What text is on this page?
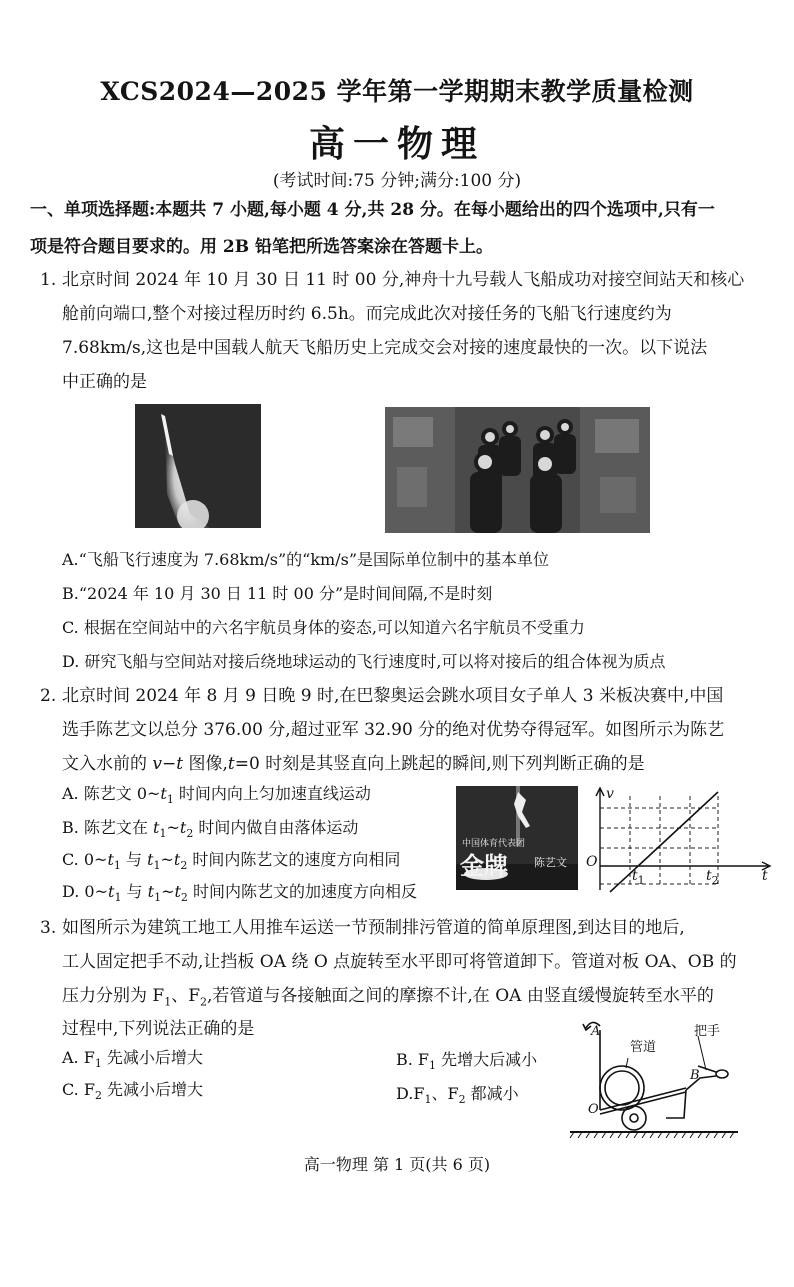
XCS2024—2025 学年第一学期期末教学质量检测
高一物理
(考试时间:75 分钟;满分:100 分)
一、单项选择题:本题共 7 小题,每小题 4 分,共 28 分。在每小题给出的四个选项中,只有一
项是符合题目要求的。用 2B 铅笔把所选答案涂在答题卡上。
1. 北京时间 2024 年 10 月 30 日 11 时 00 分,神舟十九号载人飞船成功对接空间站天和核心
舱前向端口,整个对接过程历时约 6.5h。而完成此次对接任务的飞船飞行速度约为
7.68km/s,这也是中国载人航天飞船历史上完成交会对接的速度最快的一次。以下说法
中正确的是
A.“飞船飞行速度为 7.68km/s”的“km/s”是国际单位制中的基本单位
B.“2024 年 10 月 30 日 11 时 00 分”是时间间隔,不是时刻
C. 根据在空间站中的六名宇航员身体的姿态,可以知道六名宇航员不受重力
D. 研究飞船与空间站对接后绕地球运动的飞行速度时,可以将对接后的组合体视为质点
2. 北京时间 2024 年 8 月 9 日晚 9 时,在巴黎奥运会跳水项目女子单人 3 米板决赛中,中国
选手陈艺文以总分 376.00 分,超过亚军 32.90 分的绝对优势夺得冠军。如图所示为陈艺
文入水前的 v−t 图像,t=0 时刻是其竖直向上跳起的瞬间,则下列判断正确的是
A. 陈艺文 $0\sim t_1$ 时间内向上匀加速直线运动
B. 陈艺文在 $t_1\sim t_2$ 时间内做自由落体运动
C. $0\sim t_1$ 与 $t_1\sim t_2$ 时间内陈艺文的速度方向相同
D. $0\sim t_1$ 与 $t_1\sim t_2$ 时间内陈艺文的加速度方向相反
中国体育代表团
金牌 陈艺文
v
t
O
$t_1$	$t_2$
3. 如图所示为建筑工地工人用推车运送一节预制排污管道的简单原理图,到达目的地后,
工人固定把手不动,让挡板 OA 绕 O 点旋转至水平即可将管道卸下。管道对板 OA、OB 的
压力分别为 $F_1$、$F_2$,若管道与各接触面之间的摩擦不计,在 OA 由竖直缓慢旋转至水平的
过程中,下列说法正确的是
A. $F_1$ 先减小后增大	B. $F_1$ 先增大后减小
C. $F_2$ 先减小后增大	$D.F_1$、$F_2$ 都减小
A
O
B
管道
把手
高一物理 第 1 页(共 6 页)
